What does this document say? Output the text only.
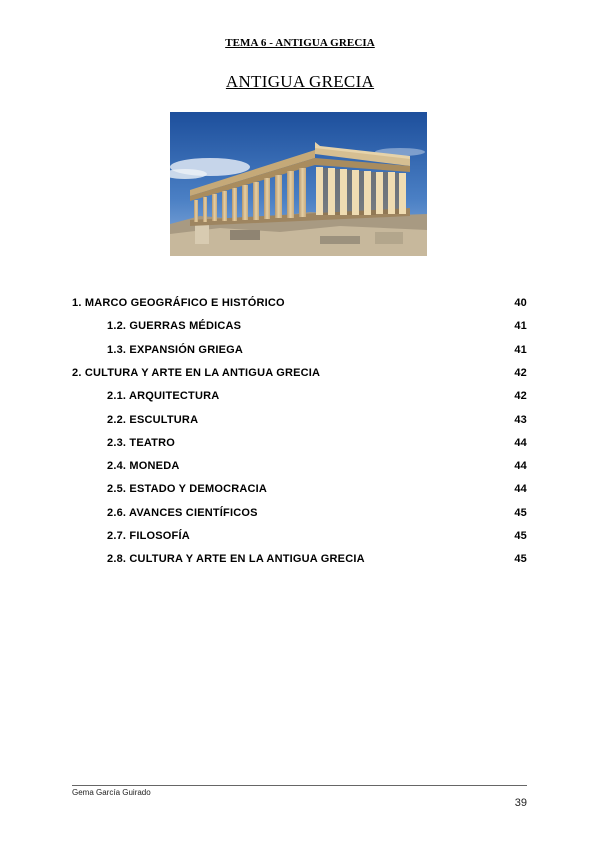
TEMA 6 - ANTIGUA GRECIA
ANTIGUA GRECIA
1. MARCO GEOGRÁFICO E HISTÓRICO	40
1.2. GUERRAS MÉDICAS	41
1.3. EXPANSIÓN GRIEGA	41
2. CULTURA Y ARTE EN LA ANTIGUA GRECIA	42
2.1. ARQUITECTURA	42
2.2. ESCULTURA	43
2.3. TEATRO	44
2.4. MONEDA	44
2.5. ESTADO Y DEMOCRACIA	44
2.6. AVANCES CIENTÍFICOS	45
2.7. FILOSOFÍA	45
2.8. CULTURA Y ARTE EN LA ANTIGUA GRECIA	45
Gema García Guirado
39
